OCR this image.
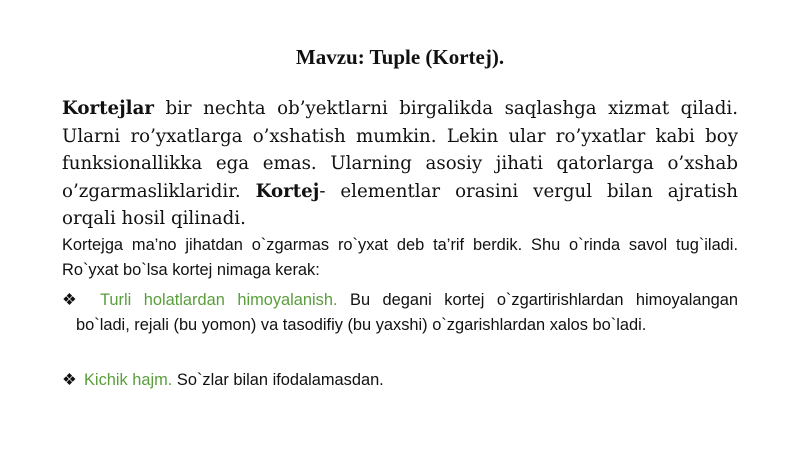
Mavzu: Tuple (Kortej).

Kortejlar bir nechta ob’yektlarni birgalikda saqlashga xizmat qiladi. Ularni ro’yxatlarga o’xshatish mumkin. Lekin ular ro’yxatlar kabi boy funksionallikka ega emas. Ularning asosiy jihati qatorlarga o’xshab o’zgarmasliklaridir. Kortej- elementlar orasini vergul bilan ajratish orqali hosil qilinadi.

Kortejga ma’no jihatdan o`zgarmas ro`yxat deb ta’rif berdik. Shu o`rinda savol tug`iladi. Ro`yxat bo`lsa kortej nimaga kerak:

❖	Turli holatlardan himoyalanish. Bu degani kortej o`zgartirishlardan himoyalangan bo`ladi, rejali (bu yomon) va tasodifiy (bu yaxshi) o`zgarishlardan xalos bo`ladi.
❖ Kichik hajm. So`zlar bilan ifodalamasdan.
